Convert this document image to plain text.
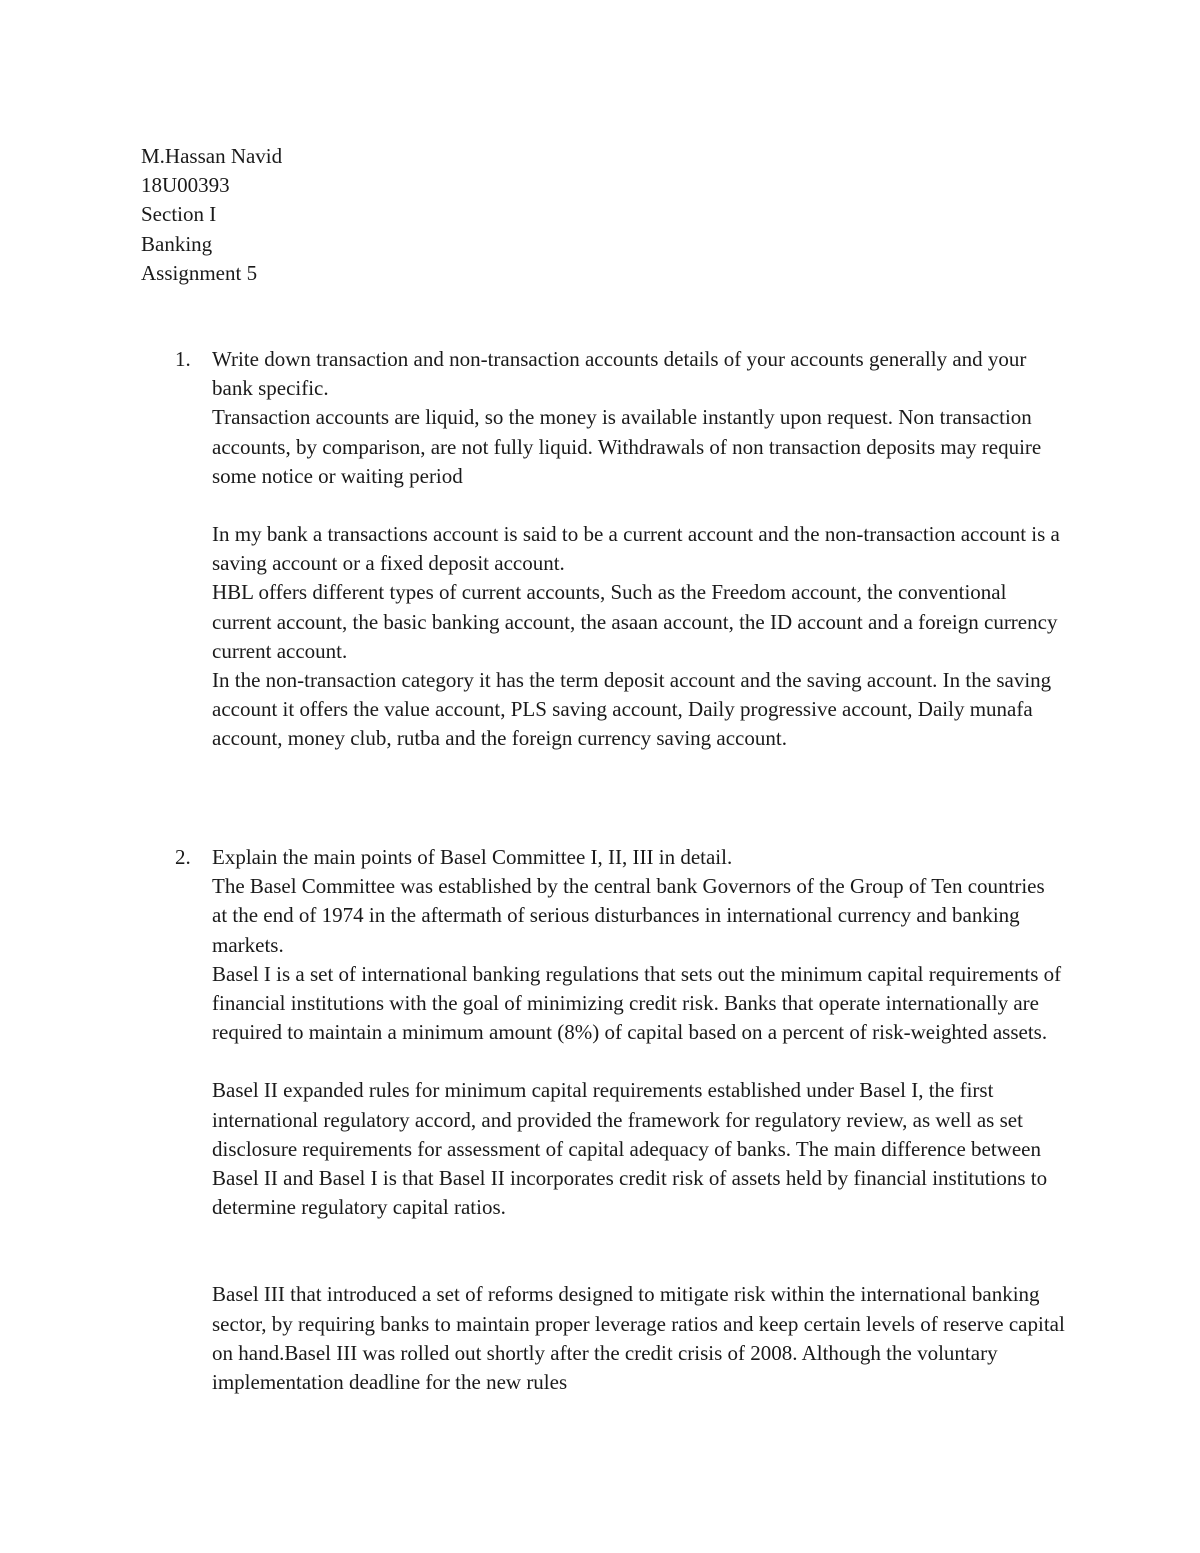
M.Hassan Navid
18U00393
Section I
Banking
Assignment 5
1.	Write down transaction and non-transaction accounts details of your accounts generally and your bank specific.

Transaction accounts are liquid, so the money is available instantly upon request. Non transaction accounts, by comparison, are not fully liquid. Withdrawals of non transaction deposits may require some notice or waiting period

In my bank a transactions account is said to be a current account and the non-transaction account is a saving account or a fixed deposit account.

HBL offers different types of current accounts, Such as the Freedom account, the conventional current account, the basic banking account, the asaan account, the ID account and a foreign currency current account.

In the non-transaction category it has the term deposit account and the saving account. In the saving account it offers the value account, PLS saving account, Daily progressive account, Daily munafa account, money club, rutba and the foreign currency saving account.

2.	Explain the main points of Basel Committee I, II, III in detail.

The Basel Committee was established by the central bank Governors of the Group of Ten countries at the end of 1974 in the aftermath of serious disturbances in international currency and banking markets.

Basel I is a set of international banking regulations that sets out the minimum capital requirements of financial institutions with the goal of minimizing credit risk. Banks that operate internationally are required to maintain a minimum amount (8%) of capital based on a percent of risk-weighted assets.

Basel II expanded rules for minimum capital requirements established under Basel I, the first international regulatory accord, and provided the framework for regulatory review, as well as set disclosure requirements for assessment of capital adequacy of banks. The main difference between Basel II and Basel I is that Basel II incorporates credit risk of assets held by financial institutions to determine regulatory capital ratios.

Basel III that introduced a set of reforms designed to mitigate risk within the international banking sector, by requiring banks to maintain proper leverage ratios and keep certain levels of reserve capital on hand.Basel III was rolled out shortly after the credit crisis of 2008. Although the voluntary implementation deadline for the new rules
